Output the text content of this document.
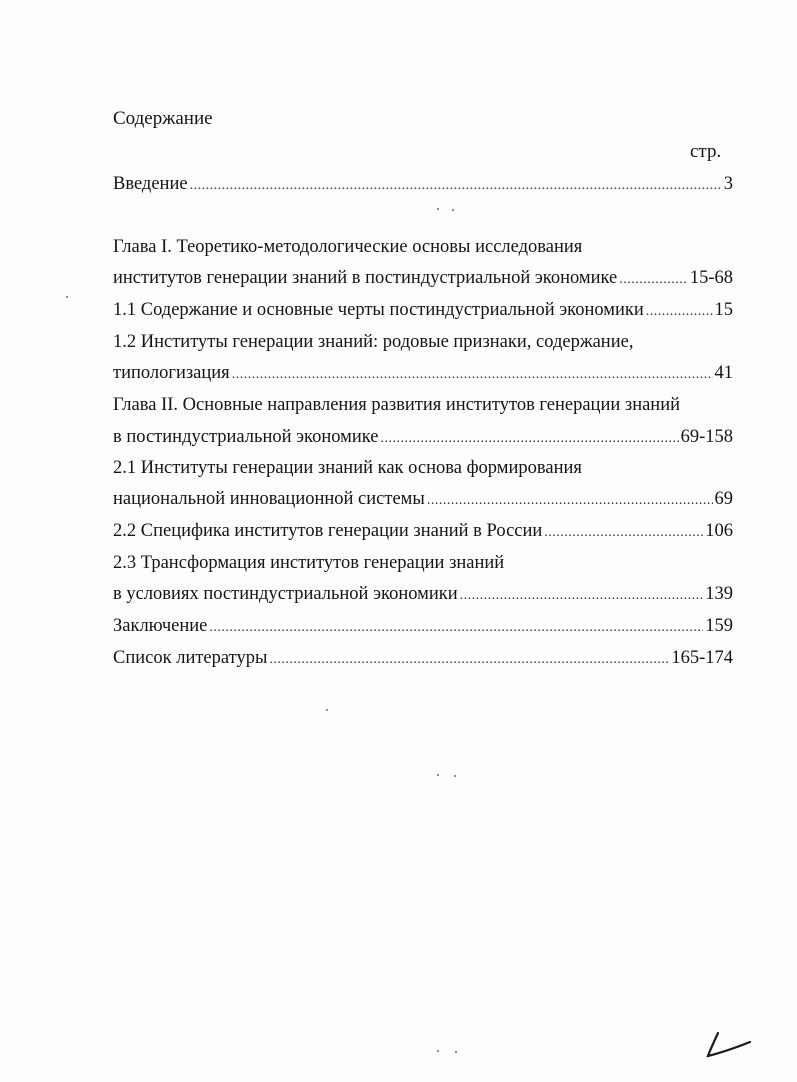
Содержание
стр.
Введение .....	3
Глава I. Теоретико-методологические основы исследования
институтов генерации знаний в постиндустриальной экономике .....	15-68
1.1 Содержание и основные черты постиндустриальной экономики .....	15
1.2 Институты генерации знаний: родовые признаки, содержание,
типологизация .....	41
Глава II. Основные направления развития институтов генерации знаний
в постиндустриальной экономике .....	69-158
2.1 Институты генерации знаний как основа формирования
национальной инновационной системы .....	69
2.2 Специфика институтов генерации знаний в России .....	106
2.3 Трансформация институтов генерации знаний
в условиях постиндустриальной экономики .....	139
Заключение .....	159
Список литературы .....	165-174
